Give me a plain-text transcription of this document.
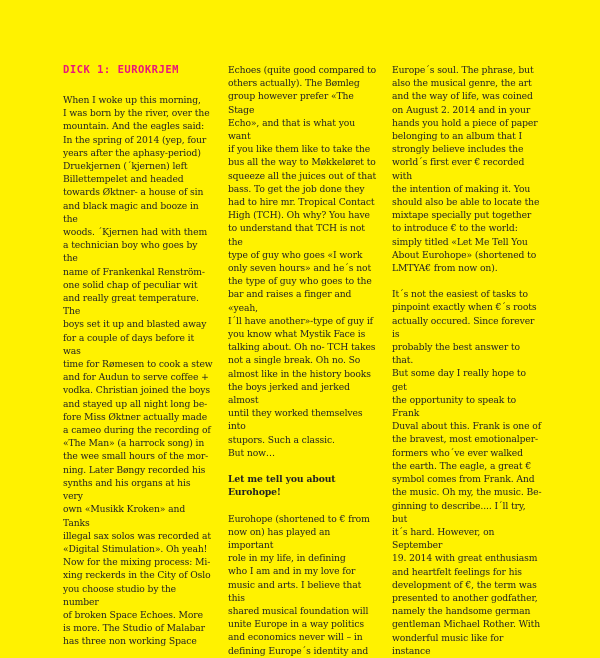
DICK 1: EUROKRJEM
When I woke up this morning,
I was born by the river, over the
mountain. And the eagles said:
In the spring of 2014 (yep, four
years after the aphasy-period)
Druekjernen (´kjernen) left
Billettempelet and headed
towards Øktner- a house of sin
and black magic and booze in the
woods. ´Kjernen had with them
a technician boy who goes by the
name of Frankenkal Renström-
one solid chap of peculiar wit
and really great temperature. The
boys set it up and blasted away
for a couple of days before it was
time for Rømesen to cook a stew
and for Audun to serve coffee +
vodka. Christian joined the boys
and stayed up all night long be-
fore Miss Øktner actually made
a cameo during the recording of
«The Man» (a harrock song) in
the wee small hours of the mor-
ning. Later Bøngy recorded his
synths and his organs at his very
own «Musikk Kroken» and Tanks
illegal sax solos was recorded at
«Digital Stimulation». Oh yeah!
Now for the mixing process: Mi-
xing reckerds in the City of Oslo
you choose studio by the number
of broken Space Echoes. More
is more. The Studio of Malabar
has three non working Space
Echoes (quite good compared to
others actually). The Bømleg
group however prefer «The Stage
Echo», and that is what you want
if you like them like to take the
bus all the way to Møkkeløret to
squeeze all the juices out of that
bass. To get the job done they
had to hire mr. Tropical Contact
High (TCH). Oh why? You have
to understand that TCH is not the
type of guy who goes «I work
only seven hours» and he´s not
the type of guy who goes to the
bar and raises a finger and «yeah,
I´ll have another»-type of guy if
you know what Mystik Face is
talking about. Oh no- TCH takes
not a single break. Oh no. So
almost like in the history books
the boys jerked and jerked almost
until they worked themselves into
stupors. Such a classic.
But now…
Let me tell you about
Eurohope!
Eurohope (shortened to € from
now on) has played an important
role in my life, in defining
who I am and in my love for
music and arts. I believe that this
shared musical foundation will
unite Europe in a way politics
and economics never will – in
defining Europe´s identity and
Europe´s soul. The phrase, but
also the musical genre, the art
and the way of life, was coined
on August 2. 2014 and in your
hands you hold a piece of paper
belonging to an album that I
strongly believe includes the
world´s first ever € recorded with
the intention of making it. You
should also be able to locate the
mixtape specially put together
to introduce € to the world:
simply titled «Let Me Tell You
About Eurohope» (shortened to
LMTYA€ from now on).
It´s not the easiest of tasks to
pinpoint exactly when €´s roots
actually occured. Since forever is
probably the best answer to that.
But some day I really hope to get
the opportunity to speak to Frank
Duval about this. Frank is one of
the bravest, most emotionalper-
formers who´ve ever walked
the earth. The eagle, a great €
symbol comes from Frank. And
the music. Oh my, the music. Be-
ginning to describe.... I´ll try, but
it´s hard. However, on September
19. 2014 with great enthusiasm
and heartfelt feelings for his
development of €, the term was
presented to another godfather,
namely the handsome german
gentleman Michael Rother. With
wonderful music like for instance
